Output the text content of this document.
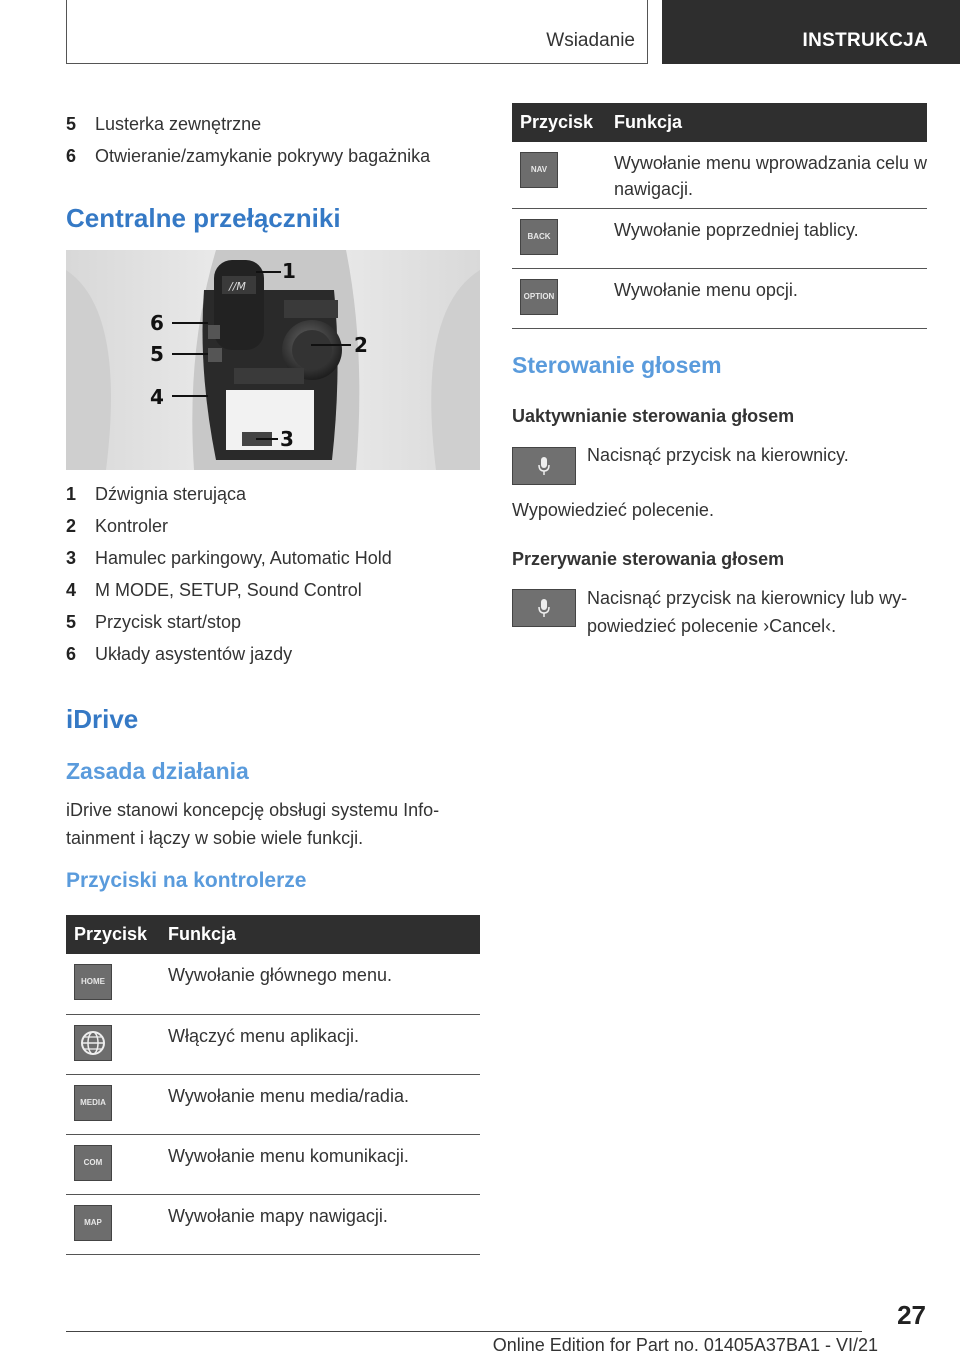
Wsiadanie	INSTRUKCJA
5	Lusterka zewnętrzne
6	Otwieranie/zamykanie pokrywy bagażnika
Centralne przełączniki
//M
1
2
3
4
5
6
1	Dźwignia sterująca
2	Kontroler
3	Hamulec parkingowy, Automatic Hold
4	M MODE, SETUP, Sound Control
5	Przycisk start/stop
6	Układy asystentów jazdy
iDrive
Zasada działania
iDrive stanowi koncepcję obsługi systemu Info-tainment i łączy w sobie wiele funkcji.
Przyciski na kontrolerze
Przycisk	Funkcja

HOME	Wywołanie głównego menu.

	Włączyć menu aplikacji.

MEDIA	Wywołanie menu media/radia.

COM	Wywołanie menu komunikacji.

MAP	Wywołanie mapy nawigacji.
Przycisk	Funkcja

NAV	Wywołanie menu wprowadzania celu w nawigacji.

BACK	Wywołanie poprzedniej tablicy.

OPTION	Wywołanie menu opcji.
Sterowanie głosem
Uaktywnianie sterowania głosem
Nacisnąć przycisk na kierownicy.
Wypowiedzieć polecenie.
Przerywanie sterowania głosem
Nacisnąć przycisk na kierownicy lub wy-powiedzieć polecenie ›Cancel‹.
27
Online Edition for Part no. 01405A37BA1 - VI/21
